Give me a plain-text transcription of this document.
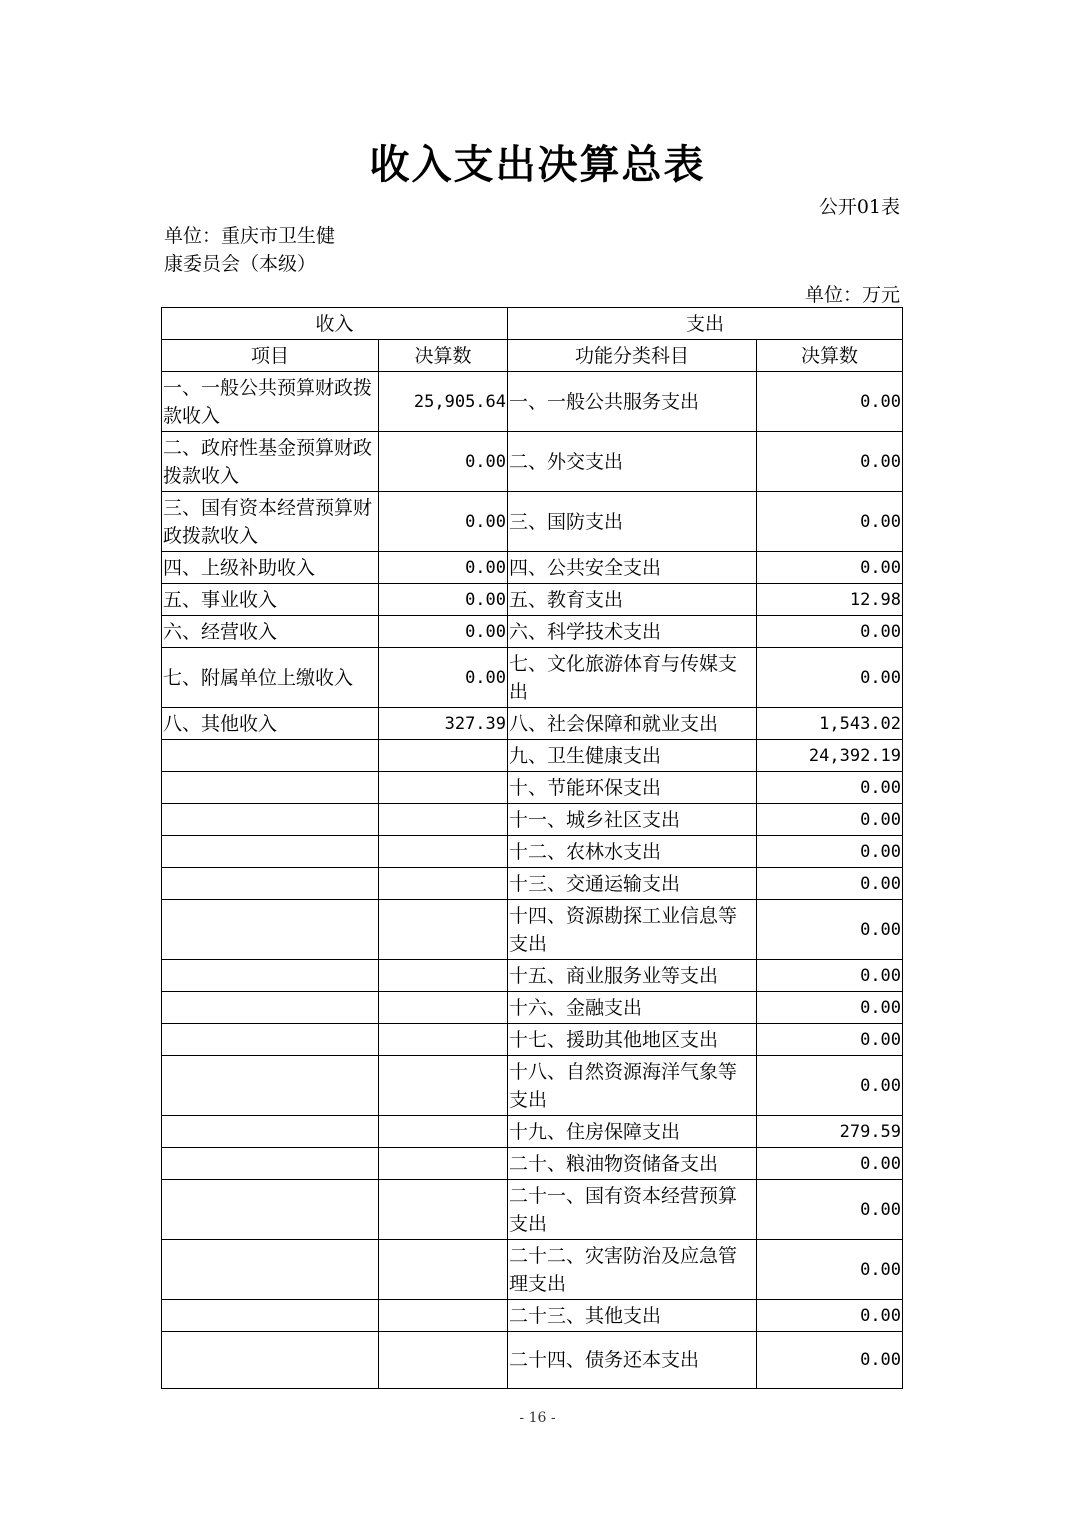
收入支出决算总表
公开01表
单位：重庆市卫生健康委员会（本级）
单位：万元
收入		支出	
项目	决算数	功能分类科目	决算数
一、一般公共预算财政拨款收入	25,905.64	一、一般公共服务支出	0.00
二、政府性基金预算财政拨款收入	0.00	二、外交支出	0.00
三、国有资本经营预算财政拨款收入	0.00	三、国防支出	0.00
四、上级补助收入	0.00	四、公共安全支出	0.00
五、事业收入	0.00	五、教育支出	12.98
六、经营收入	0.00	六、科学技术支出	0.00
七、附属单位上缴收入	0.00	七、文化旅游体育与传媒支出	0.00
八、其他收入	327.39	八、社会保障和就业支出	1,543.02
		九、卫生健康支出	24,392.19
		十、节能环保支出	0.00
		十一、城乡社区支出	0.00
		十二、农林水支出	0.00
		十三、交通运输支出	0.00
		十四、资源勘探工业信息等支出	0.00
		十五、商业服务业等支出	0.00
		十六、金融支出	0.00
		十七、援助其他地区支出	0.00
		十八、自然资源海洋气象等支出	0.00
		十九、住房保障支出	279.59
		二十、粮油物资储备支出	0.00
		二十一、国有资本经营预算支出	0.00
		二十二、灾害防治及应急管理支出	0.00
		二十三、其他支出	0.00
		二十四、债务还本支出	0.00
- 16 -
